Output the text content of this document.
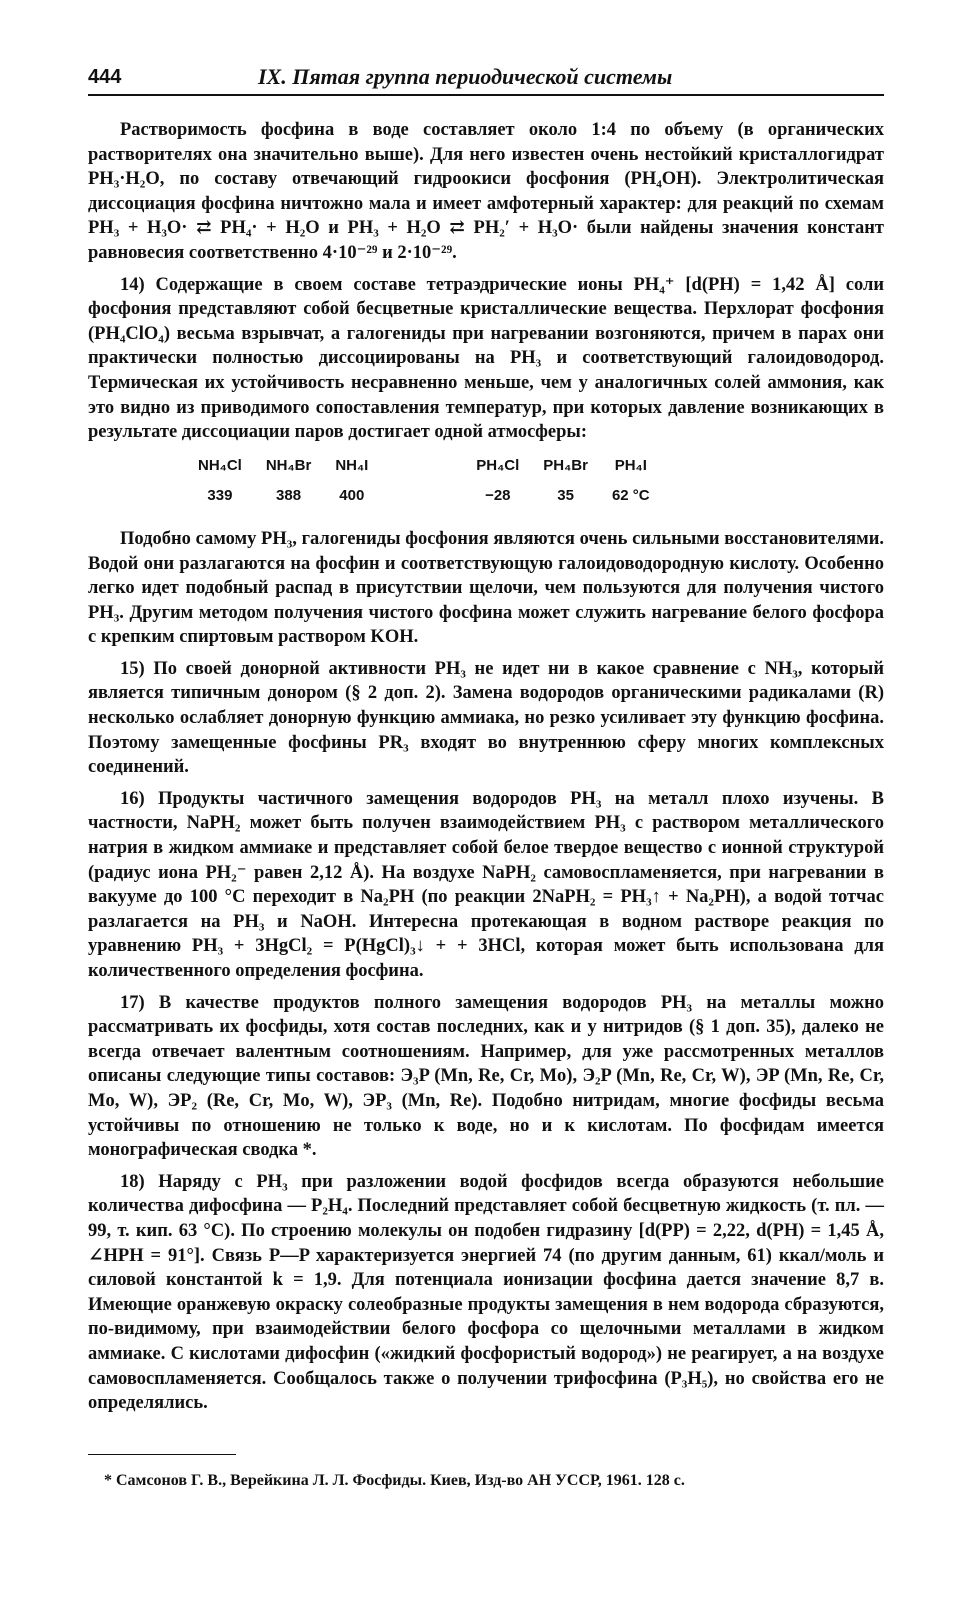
444	IX. Пятая группа периодической системы

Растворимость фосфина в воде составляет около 1:4 по объему (в органических растворителях она значительно выше). Для него известен очень нестойкий кристаллогидрат PH₃·H₂O, по составу отвечающий гидроокиси фосфония (PH₄OH). Электролитическая диссоциация фосфина ничтожно мала и имеет амфотерный характер: для реакций по схемам PH₃ + H₃O· ⇄ PH₄· + H₂O и PH₃ + H₂O ⇄ PH₂′ + H₃O· были найдены значения констант равновесия соответственно 4·10⁻²⁹ и 2·10⁻²⁹.

14) Содержащие в своем составе тетраэдрические ионы PH₄⁺ [d(PH) = 1,42 Å] соли фосфония представляют собой бесцветные кристаллические вещества. Перхлорат фосфония (PH₄ClO₄) весьма взрывчат, а галогениды при нагревании возгоняются, причем в парах они практически полностью диссоциированы на PH₃ и соответствующий галоидоводород. Термическая их устойчивость несравненно меньше, чем у аналогичных солей аммония, как это видно из приводимого сопоставления температур, при которых давление возникающих в результате диссоциации паров достигает одной атмосферы:

NH₄Cl	NH₄Br	NH₄I		PH₄Cl	PH₄Br	PH₄I
339	388	400		−28	35	62 °C

Подобно самому PH₃, галогениды фосфония являются очень сильными восстановителями. Водой они разлагаются на фосфин и соответствующую галоидоводородную кислоту. Особенно легко идет подобный распад в присутствии щелочи, чем пользуются для получения чистого PH₃. Другим методом получения чистого фосфина может служить нагревание белого фосфора с крепким спиртовым раствором KOH.

15) По своей донорной активности PH₃ не идет ни в какое сравнение с NH₃, который является типичным донором (§ 2 доп. 2). Замена водородов органическими радикалами (R) несколько ослабляет донорную функцию аммиака, но резко усиливает эту функцию фосфина. Поэтому замещенные фосфины PR₃ входят во внутреннюю сферу многих комплексных соединений.

16) Продукты частичного замещения водородов PH₃ на металл плохо изучены. В частности, NaPH₂ может быть получен взаимодействием PH₃ с раствором металлического натрия в жидком аммиаке и представляет собой белое твердое вещество с ионной структурой (радиус иона PH₂⁻ равен 2,12 Å). На воздухе NaPH₂ самовоспламеняется, при нагревании в вакууме до 100 °C переходит в Na₂PH (по реакции 2NaPH₂ = PH₃↑ + Na₂PH), а водой тотчас разлагается на PH₃ и NaOH. Интересна протекающая в водном растворе реакция по уравнению PH₃ + 3HgCl₂ = P(HgCl)₃↓ + + 3HCl, которая может быть использована для количественного определения фосфина.

17) В качестве продуктов полного замещения водородов PH₃ на металлы можно рассматривать их фосфиды, хотя состав последних, как и у нитридов (§ 1 доп. 35), далеко не всегда отвечает валентным соотношениям. Например, для уже рассмотренных металлов описаны следующие типы составов: Э₃P (Mn, Re, Cr, Mo), Э₂P (Mn, Re, Cr, W), ЭP (Mn, Re, Cr, Mo, W), ЭP₂ (Re, Cr, Mo, W), ЭP₃ (Mn, Re). Подобно нитридам, многие фосфиды весьма устойчивы по отношению не только к воде, но и к кислотам. По фосфидам имеется монографическая сводка *.

18) Наряду с PH₃ при разложении водой фосфидов всегда образуются небольшие количества дифосфина — P₂H₄. Последний представляет собой бесцветную жидкость (т. пл. —99, т. кип. 63 °C). По строению молекулы он подобен гидразину [d(PP) = 2,22, d(PH) = 1,45 Å, ∠HPH = 91°]. Связь P—P характеризуется энергией 74 (по другим данным, 61) ккал/моль и силовой константой k = 1,9. Для потенциала ионизации фосфина дается значение 8,7 в. Имеющие оранжевую окраску солеобразные продукты замещения в нем водорода сбразуются, по-видимому, при взаимодействии белого фосфора со щелочными металлами в жидком аммиаке. С кислотами дифосфин («жидкий фосфористый водород») не реагирует, а на воздухе самовоспламеняется. Сообщалось также о получении трифосфина (P₃H₅), но свойства его не определялись.

* Самсонов Г. В., Верейкина Л. Л. Фосфиды. Киев, Изд-во АН УССР, 1961. 128 с.
